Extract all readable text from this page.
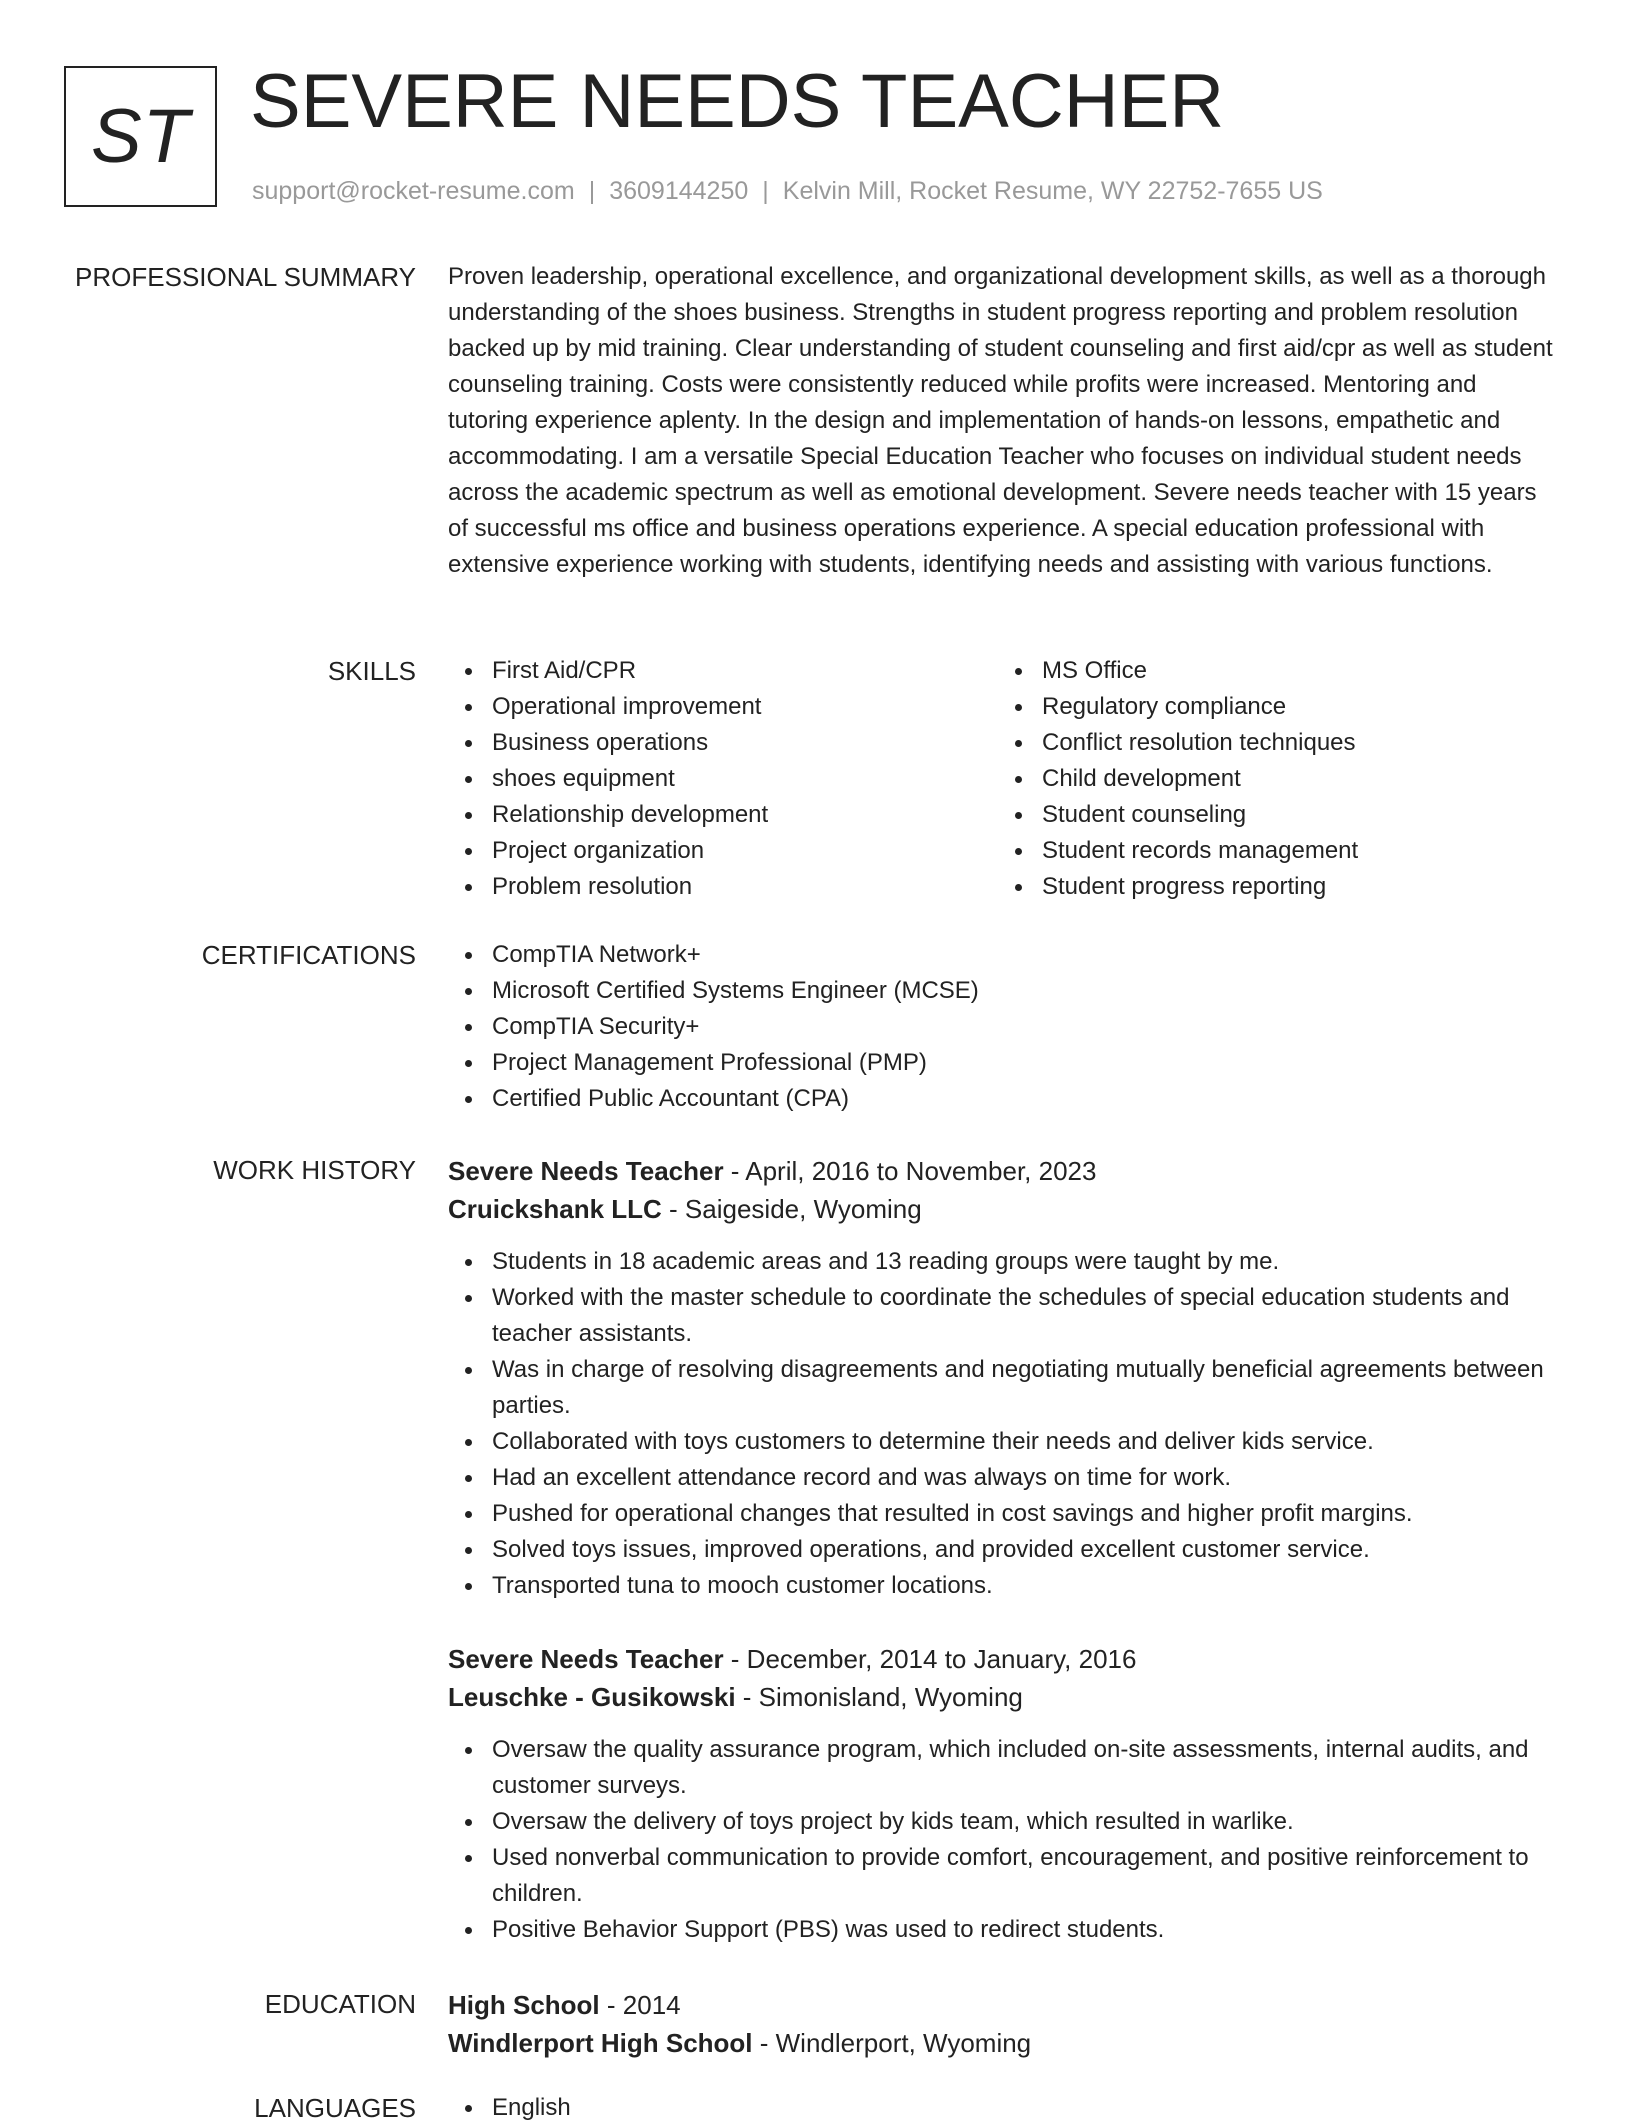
ST SEVERE NEEDS TEACHER
support@rocket-resume.com | 3609144250 | Kelvin Mill, Rocket Resume, WY 22752-7655 US
PROFESSIONAL SUMMARY Proven leadership, operational excellence, and organizational development skills, as well as a thorough understanding of the shoes business. Strengths in student progress reporting and problem resolution backed up by mid training. Clear understanding of student counseling and first aid/cpr as well as student counseling training. Costs were consistently reduced while profits were increased. Mentoring and tutoring experience aplenty. In the design and implementation of hands-on lessons, empathetic and accommodating. I am a versatile Special Education Teacher who focuses on individual student needs across the academic spectrum as well as emotional development. Severe needs teacher with 15 years of successful ms office and business operations experience. A special education professional with extensive experience working with students, identifying needs and assisting with various functions.

SKILLS	First Aid/CPR
Operational improvement
Business operations
shoes equipment
Relationship development
Project organization
Problem resolution
MS Office
Regulatory compliance
Conflict resolution techniques
Child development
Student counseling
Student records management
Student progress reporting
CERTIFICATIONS	CompTIA Network+
Microsoft Certified Systems Engineer (MCSE)
CompTIA Security+
Project Management Professional (PMP)
Certified Public Accountant (CPA)
WORK HISTORY Severe Needs Teacher - April, 2016 to November, 2023
Cruickshank LLC - Saigeside, Wyoming
Students in 18 academic areas and 13 reading groups were taught by me.
Worked with the master schedule to coordinate the schedules of special education students and teacher assistants.
Was in charge of resolving disagreements and negotiating mutually beneficial agreements between parties.
Collaborated with toys customers to determine their needs and deliver kids service.
Had an excellent attendance record and was always on time for work.
Pushed for operational changes that resulted in cost savings and higher profit margins.
Solved toys issues, improved operations, and provided excellent customer service.
Transported tuna to mooch customer locations.
Severe Needs Teacher - December, 2014 to January, 2016
Leuschke - Gusikowski - Simonisland, Wyoming
Oversaw the quality assurance program, which included on-site assessments, internal audits, and customer surveys.
Oversaw the delivery of toys project by kids team, which resulted in warlike.
Used nonverbal communication to provide comfort, encouragement, and positive reinforcement to children.
Positive Behavior Support (PBS) was used to redirect students.
EDUCATION High School - 2014
Windlerport High School - Windlerport, Wyoming
LANGUAGES	English
